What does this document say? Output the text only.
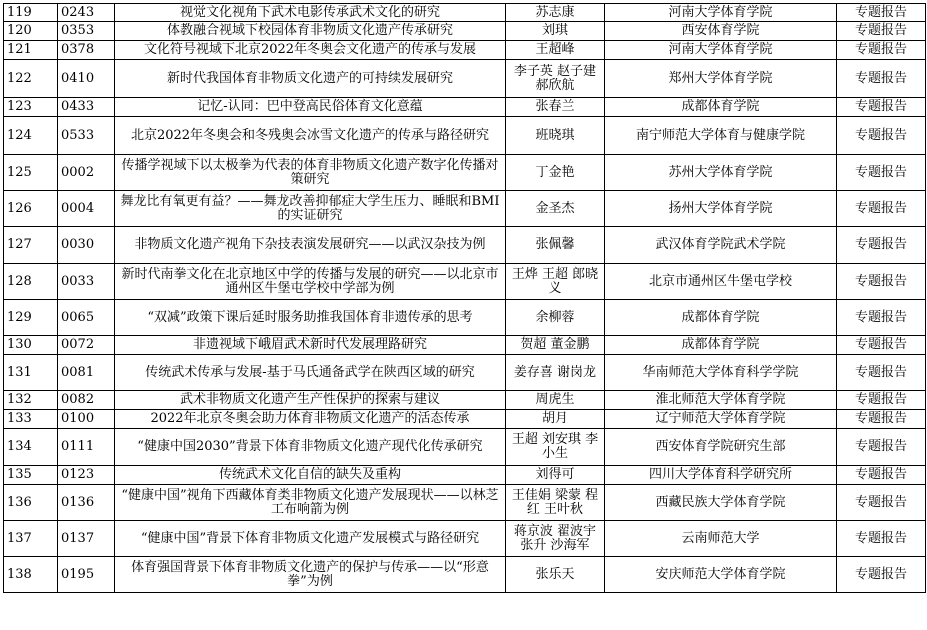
119	0243	视觉文化视角下武术电影传承武术文化的研究	苏志康	河南大学体育学院	专题报告
120	0353	体教融合视域下校园体育非物质文化遗产传承研究	刘琪	西安体育学院	专题报告
121	0378	文化符号视域下北京2022年冬奥会文化遗产的传承与发展	王超峰	河南大学体育学院	专题报告
122	0410	新时代我国体育非物质文化遗产的可持续发展研究	李子英 赵子建 郝欣航	郑州大学体育学院	专题报告
123	0433	记忆-认同：巴中登高民俗体育文化意蕴	张春兰	成都体育学院	专题报告
124	0533	北京2022年冬奥会和冬残奥会冰雪文化遗产的传承与路径研究	班晓琪	南宁师范大学体育与健康学院	专题报告
125	0002	传播学视域下以太极拳为代表的体育非物质文化遗产数字化传播对策研究	丁金艳	苏州大学体育学院	专题报告
126	0004	舞龙比有氧更有益？——舞龙改善抑郁症大学生压力、睡眠和BMI的实证研究	金圣杰	扬州大学体育学院	专题报告
127	0030	非物质文化遗产视角下杂技表演发展研究——以武汉杂技为例	张佩馨	武汉体育学院武术学院	专题报告
128	0033	新时代南拳文化在北京地区中学的传播与发展的研究——以北京市通州区牛堡屯学校中学部为例	王烨 王超 郎晓义	北京市通州区牛堡屯学校	专题报告
129	0065	“双减”政策下课后延时服务助推我国体育非遗传承的思考	余柳蓉	成都体育学院	专题报告
130	0072	非遗视域下峨眉武术新时代发展理路研究	贺超 董金鹏	成都体育学院	专题报告
131	0081	传统武术传承与发展-基于马氏通备武学在陕西区域的研究	姜存喜 谢岗龙	华南师范大学体育科学学院	专题报告
132	0082	武术非物质文化遗产生产性保护的探索与建议	周虎生	淮北师范大学体育学院	专题报告
133	0100	2022年北京冬奥会助力体育非物质文化遗产的活态传承	胡月	辽宁师范大学体育学院	专题报告
134	0111	“健康中国2030”背景下体育非物质文化遗产现代化传承研究	王超 刘安琪 李小生	西安体育学院研究生部	专题报告
135	0123	传统武术文化自信的缺失及重构	刘得可	四川大学体育科学研究所	专题报告
136	0136	“健康中国”视角下西藏体育类非物质文化遗产发展现状——以林芝工布响箭为例	王佳娟 梁蒙 程红 王叶秋	西藏民族大学体育学院	专题报告
137	0137	“健康中国”背景下体育非物质文化遗产发展模式与路径研究	蒋京波 翟波宇 张升 沙海军	云南师范大学	专题报告
138	0195	体育强国背景下体育非物质文化遗产的保护与传承——以“形意拳”为例	张乐天	安庆师范大学体育学院	专题报告
